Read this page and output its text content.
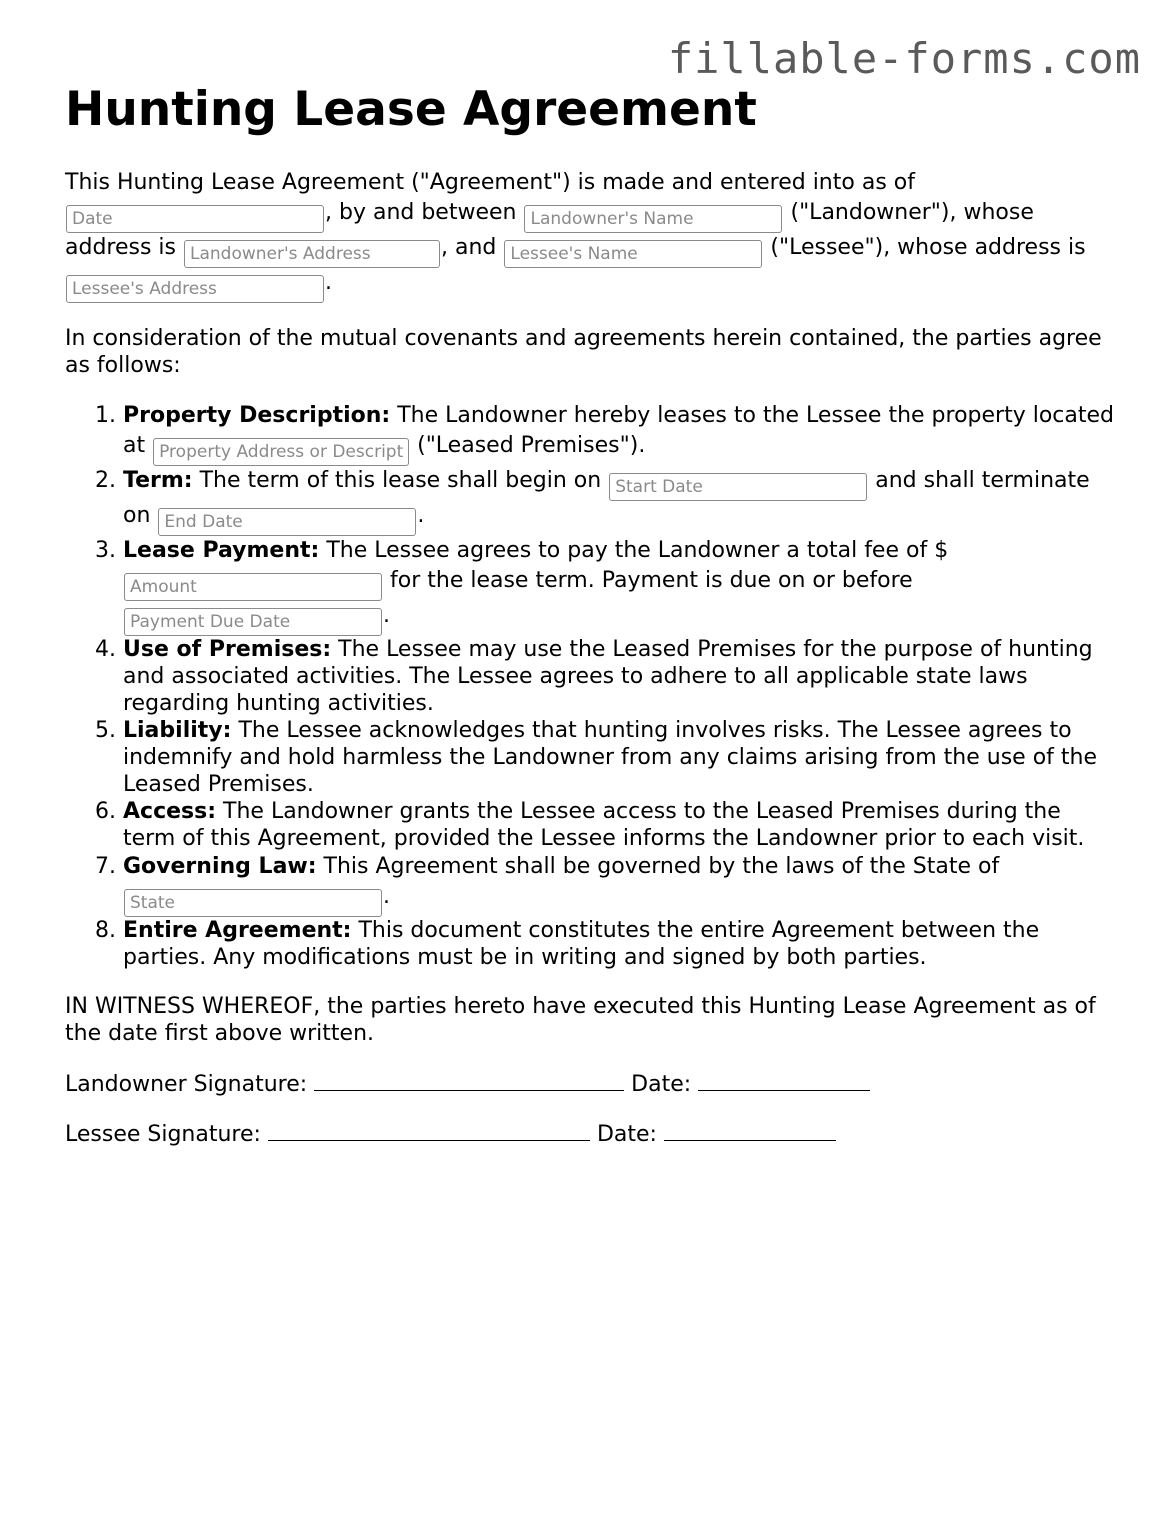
fillable-forms.com
Hunting Lease Agreement

This Hunting Lease Agreement ("Agreement") is made and entered into as of
Date, by and between Landowner's Name	("Landowner"), whose address is Landowner's Address	, and Lessee's Name	("Lessee"), whose address is Lessee's Address.

In consideration of the mutual covenants and agreements herein contained, the parties agree as follows:

1. Property Description: The Landowner hereby leases to the Lessee the property located at Property Address or Description	("Leased Premises").
2. Term: The term of this lease shall begin on Start Date	and shall terminate on End Date	.
3. Lease Payment: The Lessee agrees to pay the Landowner a total fee of $
Amount for the lease term. Payment is due on or before
Payment Due Date.
4. Use of Premises: The Lessee may use the Leased Premises for the purpose of hunting and associated activities. The Lessee agrees to adhere to all applicable state laws regarding hunting activities.
5. Liability: The Lessee acknowledges that hunting involves risks. The Lessee agrees to indemnify and hold harmless the Landowner from any claims arising from the use of the Leased Premises.
6. Access: The Landowner grants the Lessee access to the Leased Premises during the term of this Agreement, provided the Lessee informs the Landowner prior to each visit.
7. Governing Law: This Agreement shall be governed by the laws of the State of
State.
8. Entire Agreement: This document constitutes the entire Agreement between the parties. Any modifications must be in writing and signed by both parties.

IN WITNESS WHEREOF, the parties hereto have executed this Hunting Lease Agreement as of the date first above written.

Landowner Signature:	Date:

Lessee Signature:	Date:
